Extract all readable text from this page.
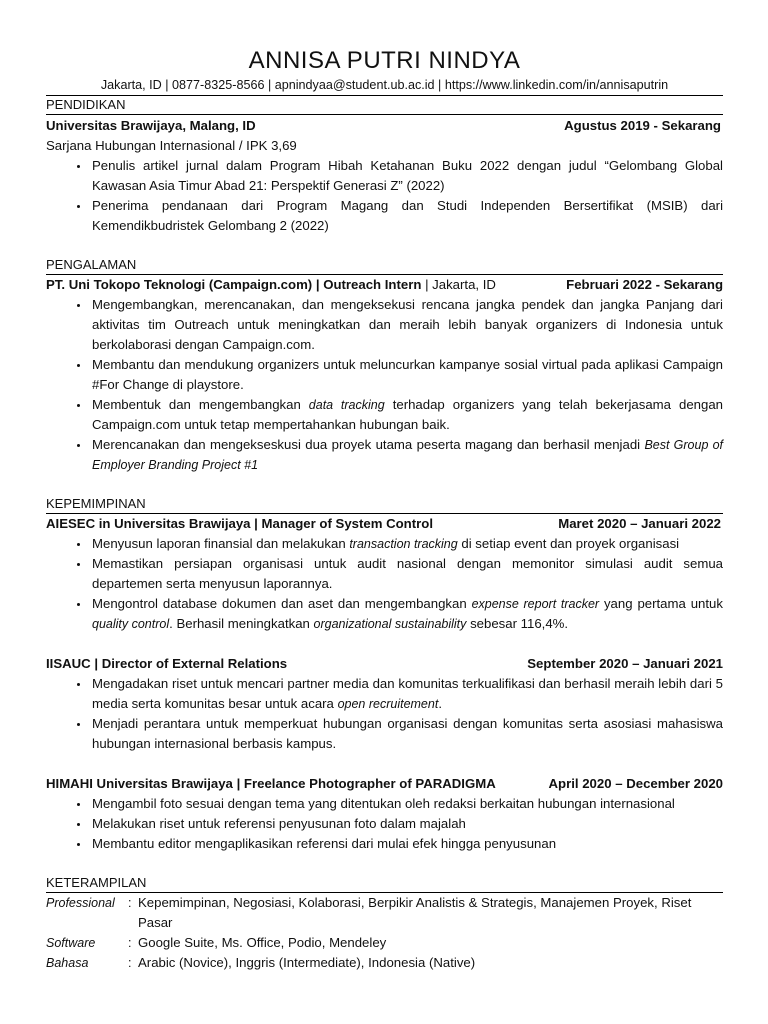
ANNISA PUTRI NINDYA
Jakarta, ID | 0877-8325-8566 | apnindyaa@student.ub.ac.id | https://www.linkedin.com/in/annisaputrin
PENDIDIKAN
Universitas Brawijaya, Malang, ID	Agustus 2019 - Sekarang
Sarjana Hubungan Internasional / IPK 3,69
• Penulis artikel jurnal dalam Program Hibah Ketahanan Buku 2022 dengan judul “Gelombang Global Kawasan Asia Timur Abad 21: Perspektif Generasi Z” (2022)
• Penerima pendanaan dari Program Magang dan Studi Independen Bersertifikat (MSIB) dari Kemendikbudristek Gelombang 2 (2022)
PENGALAMAN
PT. Uni Tokopo Teknologi (Campaign.com) | Outreach Intern | Jakarta, ID	Februari 2022 - Sekarang
• Mengembangkan, merencanakan, dan mengeksekusi rencana jangka pendek dan jangka Panjang dari aktivitas tim Outreach untuk meningkatkan dan meraih lebih banyak organizers di Indonesia untuk berkolaborasi dengan Campaign.com.
• Membantu dan mendukung organizers untuk meluncurkan kampanye sosial virtual pada aplikasi Campaign #For Change di playstore.
• Membentuk dan mengembangkan data tracking terhadap organizers yang telah bekerjasama dengan Campaign.com untuk tetap mempertahankan hubungan baik.
• Merencanakan dan mengekseskusi dua proyek utama peserta magang dan berhasil menjadi Best Group of Employer Branding Project #1
KEPEMIMPINAN
AIESEC in Universitas Brawijaya | Manager of System Control	Maret 2020 – Januari 2022
• Menyusun laporan finansial dan melakukan transaction tracking di setiap event dan proyek organisasi
• Memastikan persiapan organisasi untuk audit nasional dengan memonitor simulasi audit semua departemen serta menyusun laporannya.
• Mengontrol database dokumen dan aset dan mengembangkan expense report tracker yang pertama untuk quality control. Berhasil meningkatkan organizational sustainability sebesar 116,4%.
IISAUC | Director of External Relations	September 2020 – Januari 2021
• Mengadakan riset untuk mencari partner media dan komunitas terkualifikasi dan berhasil meraih lebih dari 5 media serta komunitas besar untuk acara open recruitement.
• Menjadi perantara untuk memperkuat hubungan organisasi dengan komunitas serta asosiasi mahasiswa hubungan internasional berbasis kampus.
HIMAHI Universitas Brawijaya | Freelance Photographer of PARADIGMA	April 2020 – December 2020
• Mengambil foto sesuai dengan tema yang ditentukan oleh redaksi berkaitan hubungan internasional
• Melakukan riset untuk referensi penyusunan foto dalam majalah
• Membantu editor mengaplikasikan referensi dari mulai efek hingga penyusunan
KETERAMPILAN
Professional	: Kepemimpinan, Negosiasi, Kolaborasi, Berpikir Analistis & Strategis, Manajemen Proyek, Riset Pasar
Software	: Google Suite, Ms. Office, Podio, Mendeley
Bahasa	: Arabic (Novice), Inggris (Intermediate), Indonesia (Native)
